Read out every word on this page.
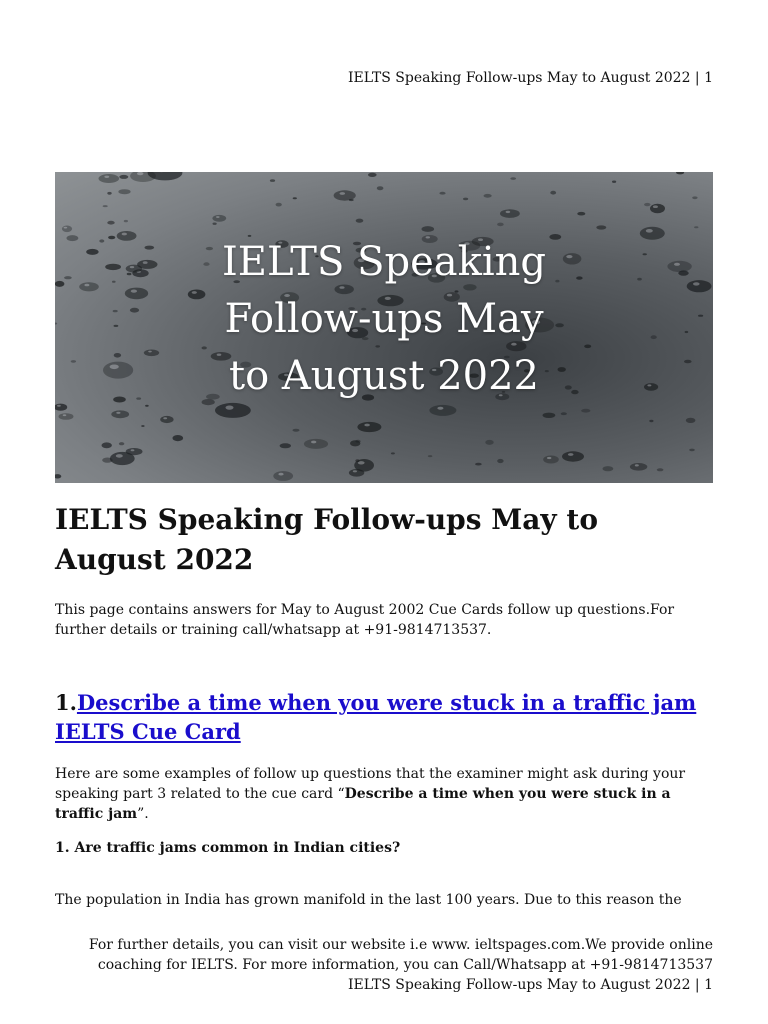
IELTS Speaking Follow-ups May to August 2022 | 1
IELTS Speaking
Follow-ups May
to August 2022
IELTS Speaking Follow-ups May to August 2022

This page contains answers for May to August 2002 Cue Cards follow up questions.For further details or training call/whatsapp at +91-9814713537.

1.Describe a time when you were stuck in a traffic jam IELTS Cue Card

Here are some examples of follow up questions that the examiner might ask during your speaking part 3 related to the cue card “Describe a time when you were stuck in a traffic jam”.

1. Are traffic jams common in Indian cities?

The population in India has grown manifold in the last 100 years. Due to this reason the

For further details, you can visit our website i.e www. ieltspages.com.We provide online
coaching for IELTS. For more information, you can Call/Whatsapp at +91-9814713537
IELTS Speaking Follow-ups May to August 2022 | 1
